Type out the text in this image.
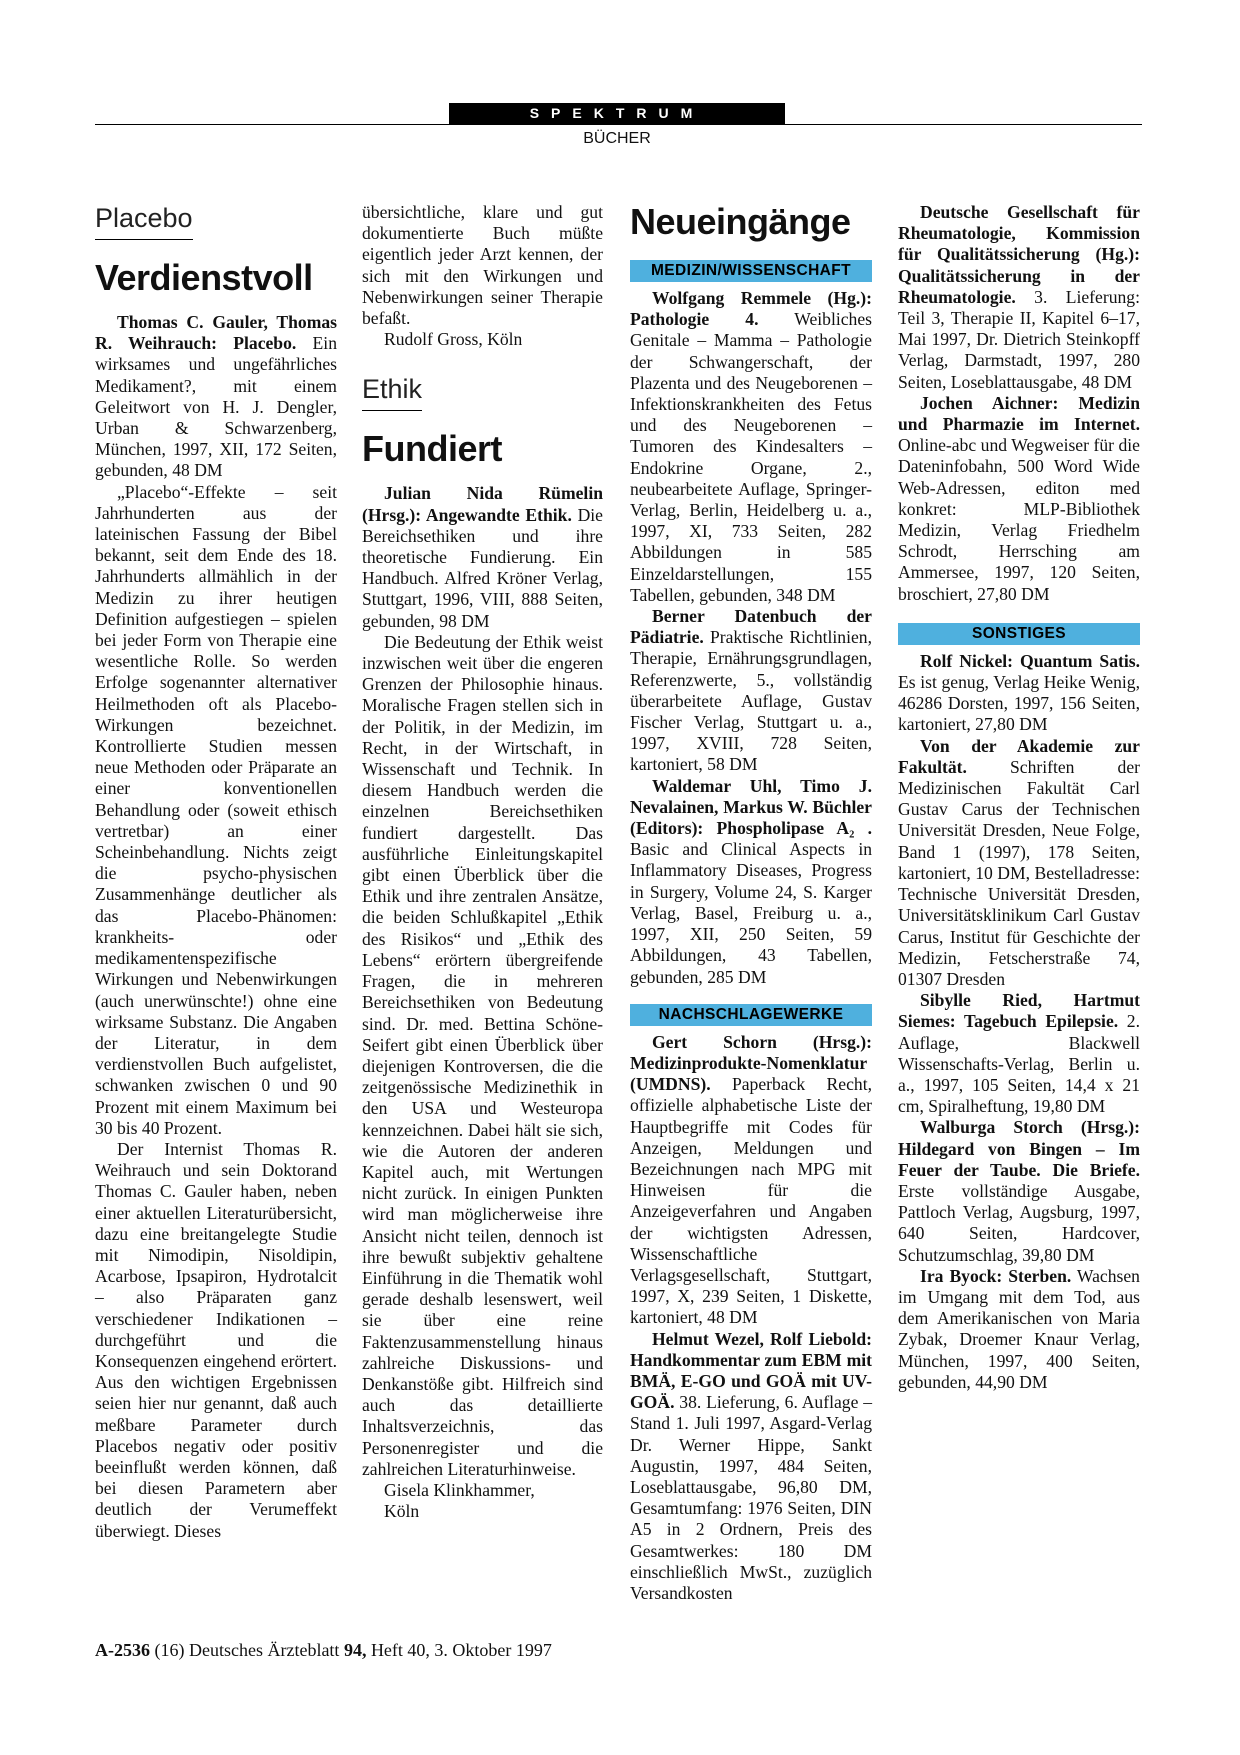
SPEKTRUM
BÜCHER
Placebo
Verdienstvoll

Thomas C. Gauler, Thomas R. Weihrauch: Placebo. Ein wirksames und ungefährliches Medikament?, mit einem Geleitwort von H. J. Dengler, Urban & Schwarzenberg, München, 1997, XII, 172 Seiten, gebunden, 48 DM

„Placebo“-Effekte – seit Jahrhunderten aus der lateinischen Fassung der Bibel bekannt, seit dem Ende des 18. Jahrhunderts allmählich in der Medizin zu ihrer heutigen Definition aufgestiegen – spielen bei jeder Form von Therapie eine wesentliche Rolle. So werden Erfolge sogenannter alternativer Heilmethoden oft als Placebo-Wirkungen bezeichnet. Kontrollierte Studien messen neue Methoden oder Präparate an einer konventionellen Behandlung oder (soweit ethisch vertretbar) an einer Scheinbehandlung. Nichts zeigt die psycho-physischen Zusammenhänge deutlicher als das Placebo-Phänomen: krankheits- oder medikamentenspezifische Wirkungen und Nebenwirkungen (auch unerwünschte!) ohne eine wirksame Substanz. Die Angaben der Literatur, in dem verdienstvollen Buch aufgelistet, schwanken zwischen 0 und 90 Prozent mit einem Maximum bei 30 bis 40 Prozent.

Der Internist Thomas R. Weihrauch und sein Doktorand Thomas C. Gauler haben, neben einer aktuellen Literaturübersicht, dazu eine breitangelegte Studie mit Nimodipin, Nisoldipin, Acarbose, Ipsapiron, Hydrotalcit – also Präparaten ganz verschiedener Indikationen – durchgeführt und die Konsequenzen eingehend erörtert. Aus den wichtigen Ergebnissen seien hier nur genannt, daß auch meßbare Parameter durch Placebos negativ oder positiv beeinflußt werden können, daß bei diesen Parametern aber deutlich der Verumeffekt überwiegt. Dieses

übersichtliche, klare und gut dokumentierte Buch müßte eigentlich jeder Arzt kennen, der sich mit den Wirkungen und Nebenwirkungen seiner Therapie befaßt.

Rudolf Gross, Köln

Ethik
Fundiert

Julian Nida Rümelin (Hrsg.): Angewandte Ethik. Die Bereichsethiken und ihre theoretische Fundierung. Ein Handbuch. Alfred Kröner Verlag, Stuttgart, 1996, VIII, 888 Seiten, gebunden, 98 DM

Die Bedeutung der Ethik weist inzwischen weit über die engeren Grenzen der Philosophie hinaus. Moralische Fragen stellen sich in der Politik, in der Medizin, im Recht, in der Wirtschaft, in Wissenschaft und Technik. In diesem Handbuch werden die einzelnen Bereichsethiken fundiert dargestellt. Das ausführliche Einleitungskapitel gibt einen Überblick über die Ethik und ihre zentralen Ansätze, die beiden Schlußkapitel „Ethik des Risikos“ und „Ethik des Lebens“ erörtern übergreifende Fragen, die in mehreren Bereichsethiken von Bedeutung sind. Dr. med. Bettina Schöne-Seifert gibt einen Überblick über diejenigen Kontroversen, die die zeitgenössische Medizinethik in den USA und Westeuropa kennzeichnen. Dabei hält sie sich, wie die Autoren der anderen Kapitel auch, mit Wertungen nicht zurück. In einigen Punkten wird man möglicherweise ihre Ansicht nicht teilen, dennoch ist ihre bewußt subjektiv gehaltene Einführung in die Thematik wohl gerade deshalb lesenswert, weil sie über eine reine Faktenzusammenstellung hinaus zahlreiche Diskussions- und Denkanstöße gibt. Hilfreich sind auch das detaillierte Inhaltsverzeichnis, das Personenregister und die zahlreichen Literaturhinweise.

Gisela Klinkhammer,

Köln

Neueingänge
MEDIZIN/WISSENSCHAFT

Wolfgang Remmele (Hg.): Pathologie 4. Weibliches Genitale – Mamma – Pathologie der Schwangerschaft, der Plazenta und des Neugeborenen – Infektionskrankheiten des Fetus und des Neugeborenen – Tumoren des Kindesalters – Endokrine Organe, 2., neubearbeitete Auflage, Springer-Verlag, Berlin, Heidelberg u. a., 1997, XI, 733 Seiten, 282 Abbildungen in 585 Einzeldarstellungen, 155 Tabellen, gebunden, 348 DM

Berner Datenbuch der Pädiatrie. Praktische Richtlinien, Therapie, Ernährungsgrundlagen, Referenzwerte, 5., vollständig überarbeitete Auflage, Gustav Fischer Verlag, Stuttgart u. a., 1997, XVIII, 728 Seiten, kartoniert, 58 DM

Waldemar Uhl, Timo J. Nevalainen, Markus W. Büchler (Editors): Phospholipase A₂ . Basic and Clinical Aspects in Inflammatory Diseases, Progress in Surgery, Volume 24, S. Karger Verlag, Basel, Freiburg u. a., 1997, XII, 250 Seiten, 59 Abbildungen, 43 Tabellen, gebunden, 285 DM

NACHSCHLAGEWERKE

Gert Schorn (Hrsg.): Medizinprodukte-Nomenklatur (UMDNS). Paperback Recht, offizielle alphabetische Liste der Hauptbegriffe mit Codes für Anzeigen, Meldungen und Bezeichnungen nach MPG mit Hinweisen für die Anzeigeverfahren und Angaben der wichtigsten Adressen, Wissenschaftliche Verlagsgesellschaft, Stuttgart, 1997, X, 239 Seiten, 1 Diskette, kartoniert, 48 DM

Helmut Wezel, Rolf Liebold: Handkommentar zum EBM mit BMÄ, E-GO und GOÄ mit UV-GOÄ. 38. Lieferung, 6. Auflage – Stand 1. Juli 1997, Asgard-Verlag Dr. Werner Hippe, Sankt Augustin, 1997, 484 Seiten, Loseblattausgabe, 96,80 DM, Gesamtumfang: 1976 Seiten, DIN A5 in 2 Ordnern, Preis des Gesamtwerkes: 180 DM einschließlich MwSt., zuzüglich Versandkosten

Deutsche Gesellschaft für Rheumatologie, Kommission für Qualitätssicherung (Hg.): Qualitätssicherung in der Rheumatologie. 3. Lieferung: Teil 3, Therapie II, Kapitel 6–17, Mai 1997, Dr. Dietrich Steinkopff Verlag, Darmstadt, 1997, 280 Seiten, Loseblattausgabe, 48 DM

Jochen Aichner: Medizin und Pharmazie im Internet. Online-abc und Wegweiser für die Dateninfobahn, 500 Word Wide Web-Adressen, editon med konkret: MLP-Bibliothek Medizin, Verlag Friedhelm Schrodt, Herrsching am Ammersee, 1997, 120 Seiten, broschiert, 27,80 DM

SONSTIGES

Rolf Nickel: Quantum Satis. Es ist genug, Verlag Heike Wenig, 46286 Dorsten, 1997, 156 Seiten, kartoniert, 27,80 DM

Von der Akademie zur Fakultät. Schriften der Medizinischen Fakultät Carl Gustav Carus der Technischen Universität Dresden, Neue Folge, Band 1 (1997), 178 Seiten, kartoniert, 10 DM, Bestelladresse: Technische Universität Dresden, Universitätsklinikum Carl Gustav Carus, Institut für Geschichte der Medizin, Fetscherstraße 74, 01307 Dresden

Sibylle Ried, Hartmut Siemes: Tagebuch Epilepsie. 2. Auflage, Blackwell Wissenschafts-Verlag, Berlin u. a., 1997, 105 Seiten, 14,4 x 21 cm, Spiralheftung, 19,80 DM

Walburga Storch (Hrsg.): Hildegard von Bingen – Im Feuer der Taube. Die Briefe. Erste vollständige Ausgabe, Pattloch Verlag, Augsburg, 1997, 640 Seiten, Hardcover, Schutzumschlag, 39,80 DM

Ira Byock: Sterben. Wachsen im Umgang mit dem Tod, aus dem Amerikanischen von Maria Zybak, Droemer Knaur Verlag, München, 1997, 400 Seiten, gebunden, 44,90 DM

A-2536 (16) Deutsches Ärzteblatt 94, Heft 40, 3. Oktober 1997
